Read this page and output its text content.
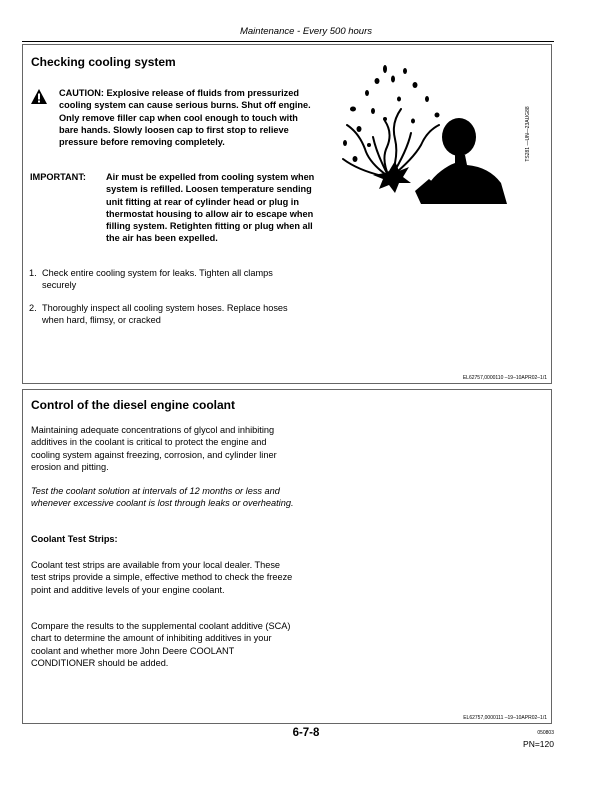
Maintenance - Every 500 hours
Checking cooling system
CAUTION: Explosive release of fluids from pressurized cooling system can cause serious burns. Shut off engine. Only remove filler cap when cool enough to touch with bare hands. Slowly loosen cap to first stop to relieve pressure before removing completely.
IMPORTANT: Air must be expelled from cooling system when system is refilled. Loosen temperature sending unit fitting at rear of cylinder head or plug in thermostat housing to allow air to escape when filling system. Retighten fitting or plug when all the air has been expelled.
1. Check entire cooling system for leaks. Tighten all clamps securely
2. Thoroughly inspect all cooling system hoses. Replace hoses when hard, flimsy, or cracked
TS281 —UN—23AUG88
EL62757,0000110 –19–10APR02–1/1
Control of the diesel engine coolant
Maintaining adequate concentrations of glycol and inhibiting additives in the coolant is critical to protect the engine and cooling system against freezing, corrosion, and cylinder liner erosion and pitting.
Test the coolant solution at intervals of 12 months or less and whenever excessive coolant is lost through leaks or overheating.
Coolant Test Strips:
Coolant test strips are available from your local dealer. These test strips provide a simple, effective method to check the freeze point and additive levels of your engine coolant.
Compare the results to the supplemental coolant additive (SCA) chart to determine the amount of inhibiting additives in your coolant and whether more John Deere COOLANT CONDITIONER should be added.
EL62757,0000111 –19–10APR02–1/1
6-7-8	050803
PN=120
